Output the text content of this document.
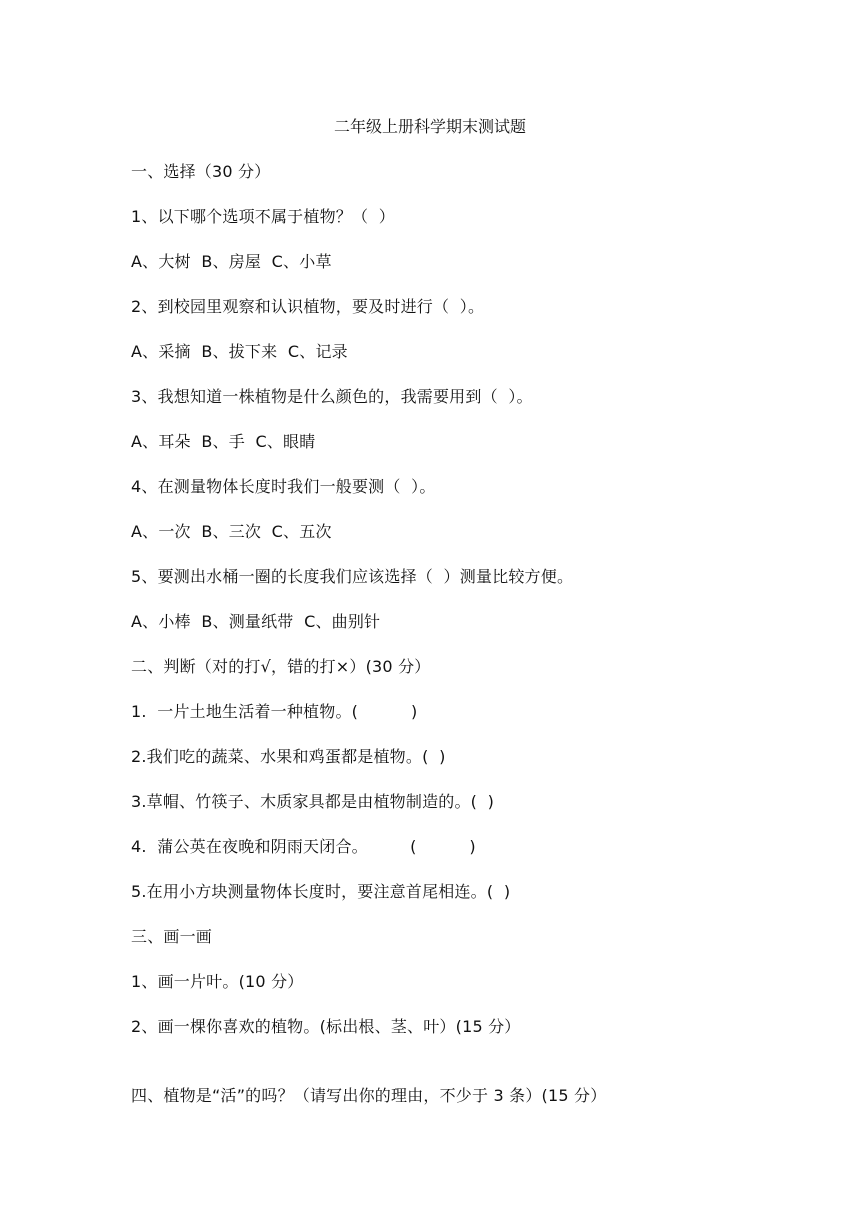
二年级上册科学期末测试题
一、选择（30 分）
1、以下哪个选项不属于植物？（  ）
A、大树  B、房屋  C、小草
2、到校园里观察和认识植物，要及时进行（  ）。
A、采摘  B、拔下来  C、记录
3、我想知道一株植物是什么颜色的，我需要用到（  ）。
A、耳朵  B、手  C、眼睛
4、在测量物体长度时我们一般要测（  ）。
A、一次  B、三次  C、五次
5、要测出水桶一圈的长度我们应该选择（  ）测量比较方便。
A、小棒  B、测量纸带  C、曲别针
二、判断（对的打√，错的打×）(30 分）
1.  一片土地生活着一种植物。(          )
2.我们吃的蔬菜、水果和鸡蛋都是植物。(  )
3.草帽、竹筷子、木质家具都是由植物制造的。(  )
4.  蒲公英在夜晚和阴雨天闭合。        (          )
5.在用小方块测量物体长度时，要注意首尾相连。(  )
三、画一画
1、画一片叶。(10 分）
2、画一棵你喜欢的植物。(标出根、茎、叶）(15 分）
四、植物是“活”的吗？（请写出你的理由，不少于 3 条）(15 分）
